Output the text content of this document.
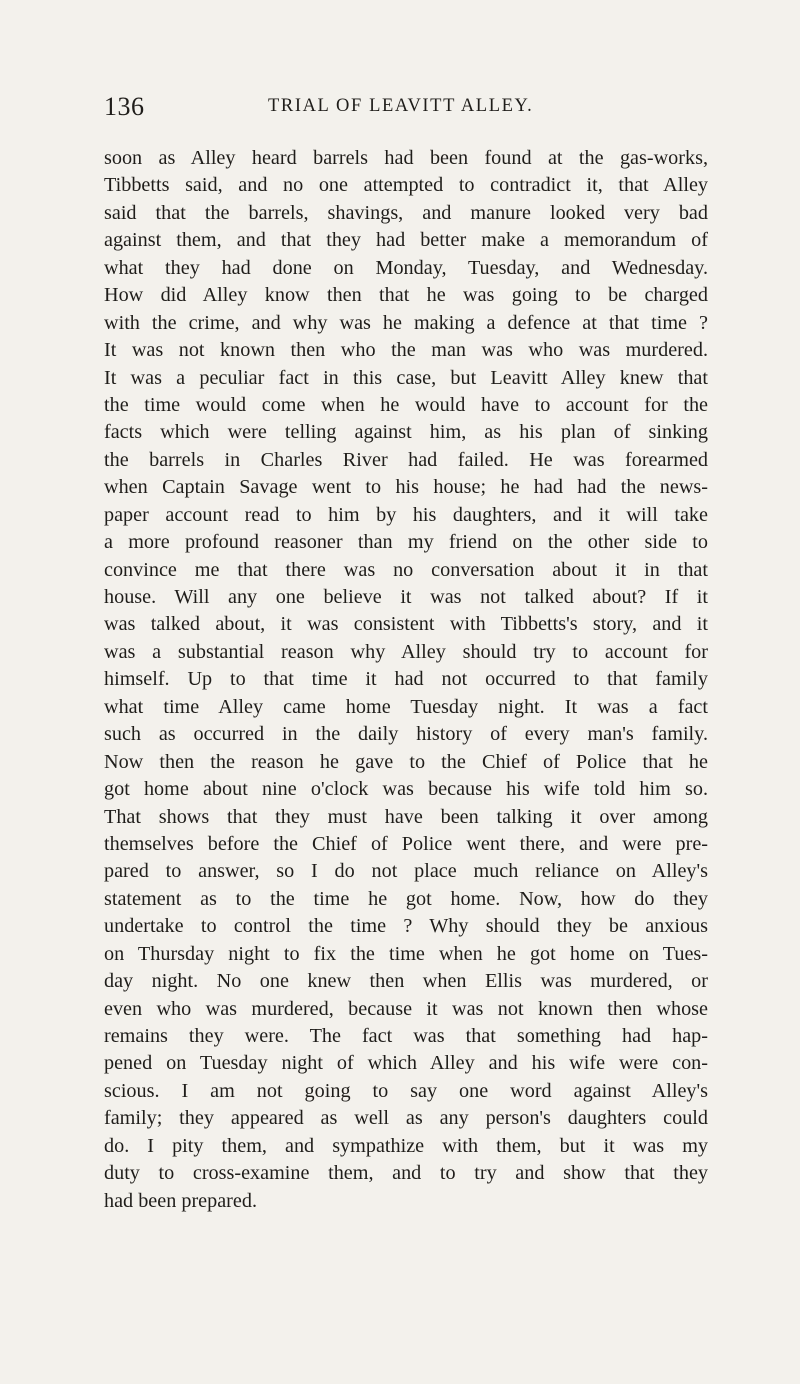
136	TRIAL OF LEAVITT ALLEY.
soon as Alley heard barrels had been found at the gas-works,
Tibbetts said, and no one attempted to contradict it, that Alley
said that the barrels, shavings, and manure looked very bad
against them, and that they had better make a memorandum of
what they had done on Monday, Tuesday, and Wednesday.
How did Alley know then that he was going to be charged
with the crime, and why was he making a defence at that time ?
It was not known then who the man was who was murdered.
It was a peculiar fact in this case, but Leavitt Alley knew that
the time would come when he would have to account for the
facts which were telling against him, as his plan of sinking
the barrels in Charles River had failed. He was forearmed
when Captain Savage went to his house; he had had the news-
paper account read to him by his daughters, and it will take
a more profound reasoner than my friend on the other side to
convince me that there was no conversation about it in that
house. Will any one believe it was not talked about? If it
was talked about, it was consistent with Tibbetts's story, and it
was a substantial reason why Alley should try to account for
himself. Up to that time it had not occurred to that family
what time Alley came home Tuesday night. It was a fact
such as occurred in the daily history of every man's family.
Now then the reason he gave to the Chief of Police that he
got home about nine o'clock was because his wife told him so.
That shows that they must have been talking it over among
themselves before the Chief of Police went there, and were pre-
pared to answer, so I do not place much reliance on Alley's
statement as to the time he got home. Now, how do they
undertake to control the time ? Why should they be anxious
on Thursday night to fix the time when he got home on Tues-
day night. No one knew then when Ellis was murdered, or
even who was murdered, because it was not known then whose
remains they were. The fact was that something had hap-
pened on Tuesday night of which Alley and his wife were con-
scious. I am not going to say one word against Alley's
family; they appeared as well as any person's daughters could
do. I pity them, and sympathize with them, but it was my
duty to cross-examine them, and to try and show that they
had been prepared.
